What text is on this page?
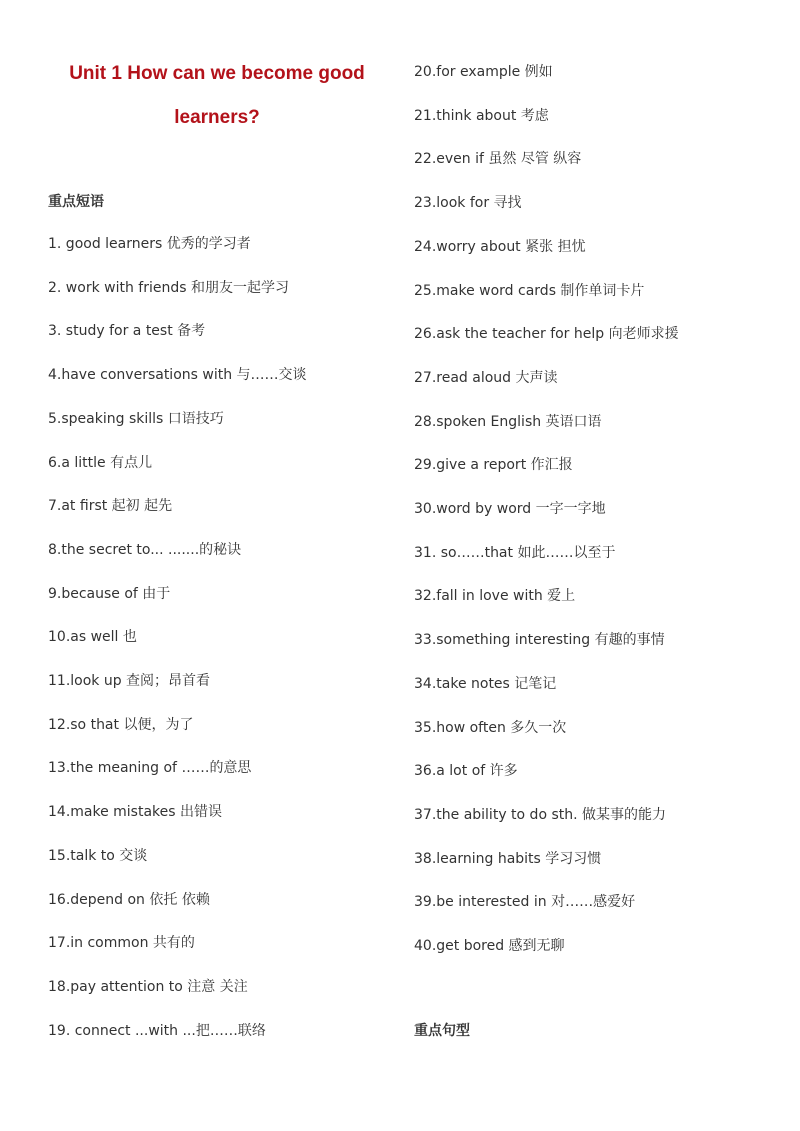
Unit 1 How can we become good
learners?
重点短语
1. good learners 优秀的学习者
2. work with friends 和朋友一起学习
3. study for a test 备考
4.have conversations with 与……交谈
5.speaking skills 口语技巧
6.a little 有点儿
7.at first 起初 起先
8.the secret to... .......的秘诀
9.because of 由于
10.as well 也
11.look up 查阅；昂首看
12.so that 以便，为了
13.the meaning of ……的意思
14.make mistakes 出错误
15.talk to 交谈
16.depend on 依托 依赖
17.in common 共有的
18.pay attention to 注意 关注
19. connect ...with ...把……联络
20.for example 例如
21.think about 考虑
22.even if 虽然 尽管 纵容
23.look for 寻找
24.worry about 紧张 担忧
25.make word cards 制作单词卡片
26.ask the teacher for help 向老师求援
27.read aloud 大声读
28.spoken English 英语口语
29.give a report 作汇报
30.word by word 一字一字地
31. so……that 如此……以至于
32.fall in love with 爱上
33.something interesting 有趣的事情
34.take notes 记笔记
35.how often 多久一次
36.a lot of 许多
37.the ability to do sth. 做某事的能力
38.learning habits 学习习惯
39.be interested in 对……感爱好
40.get bored 感到无聊
重点句型
